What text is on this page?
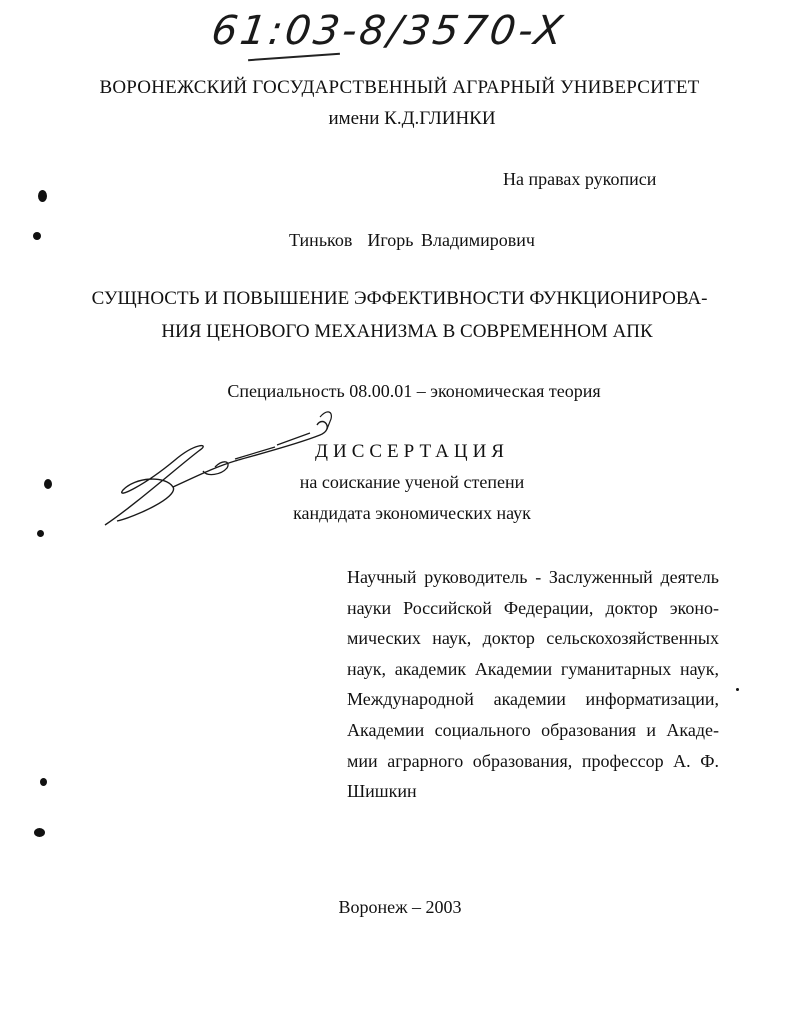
61:03-8/3570-X
ВОРОНЕЖСКИЙ ГОСУДАРСТВЕННЫЙ АГРАРНЫЙ УНИВЕРСИТЕТ
имени К.Д.ГЛИНКИ
На правах рукописи
Тиньков  Игорь Владимирович
СУЩНОСТЬ И ПОВЫШЕНИЕ ЭФФЕКТИВНОСТИ ФУНКЦИОНИРОВА-
НИЯ ЦЕНОВОГО МЕХАНИЗМА В СОВРЕМЕННОМ АПК
Специальность 08.00.01 – экономическая теория
ДИССЕРТАЦИЯ
на соискание ученой степени
кандидата экономических наук
Научный руководитель - Заслуженный деятель
науки Российской Федерации, доктор эконо-
мических наук, доктор сельскохозяйственных
наук, академик Академии гуманитарных наук,
Международной академии информатизации,
Академии социального образования и Акаде-
мии аграрного образования, профессор А. Ф.
Шишкин
Воронеж – 2003
